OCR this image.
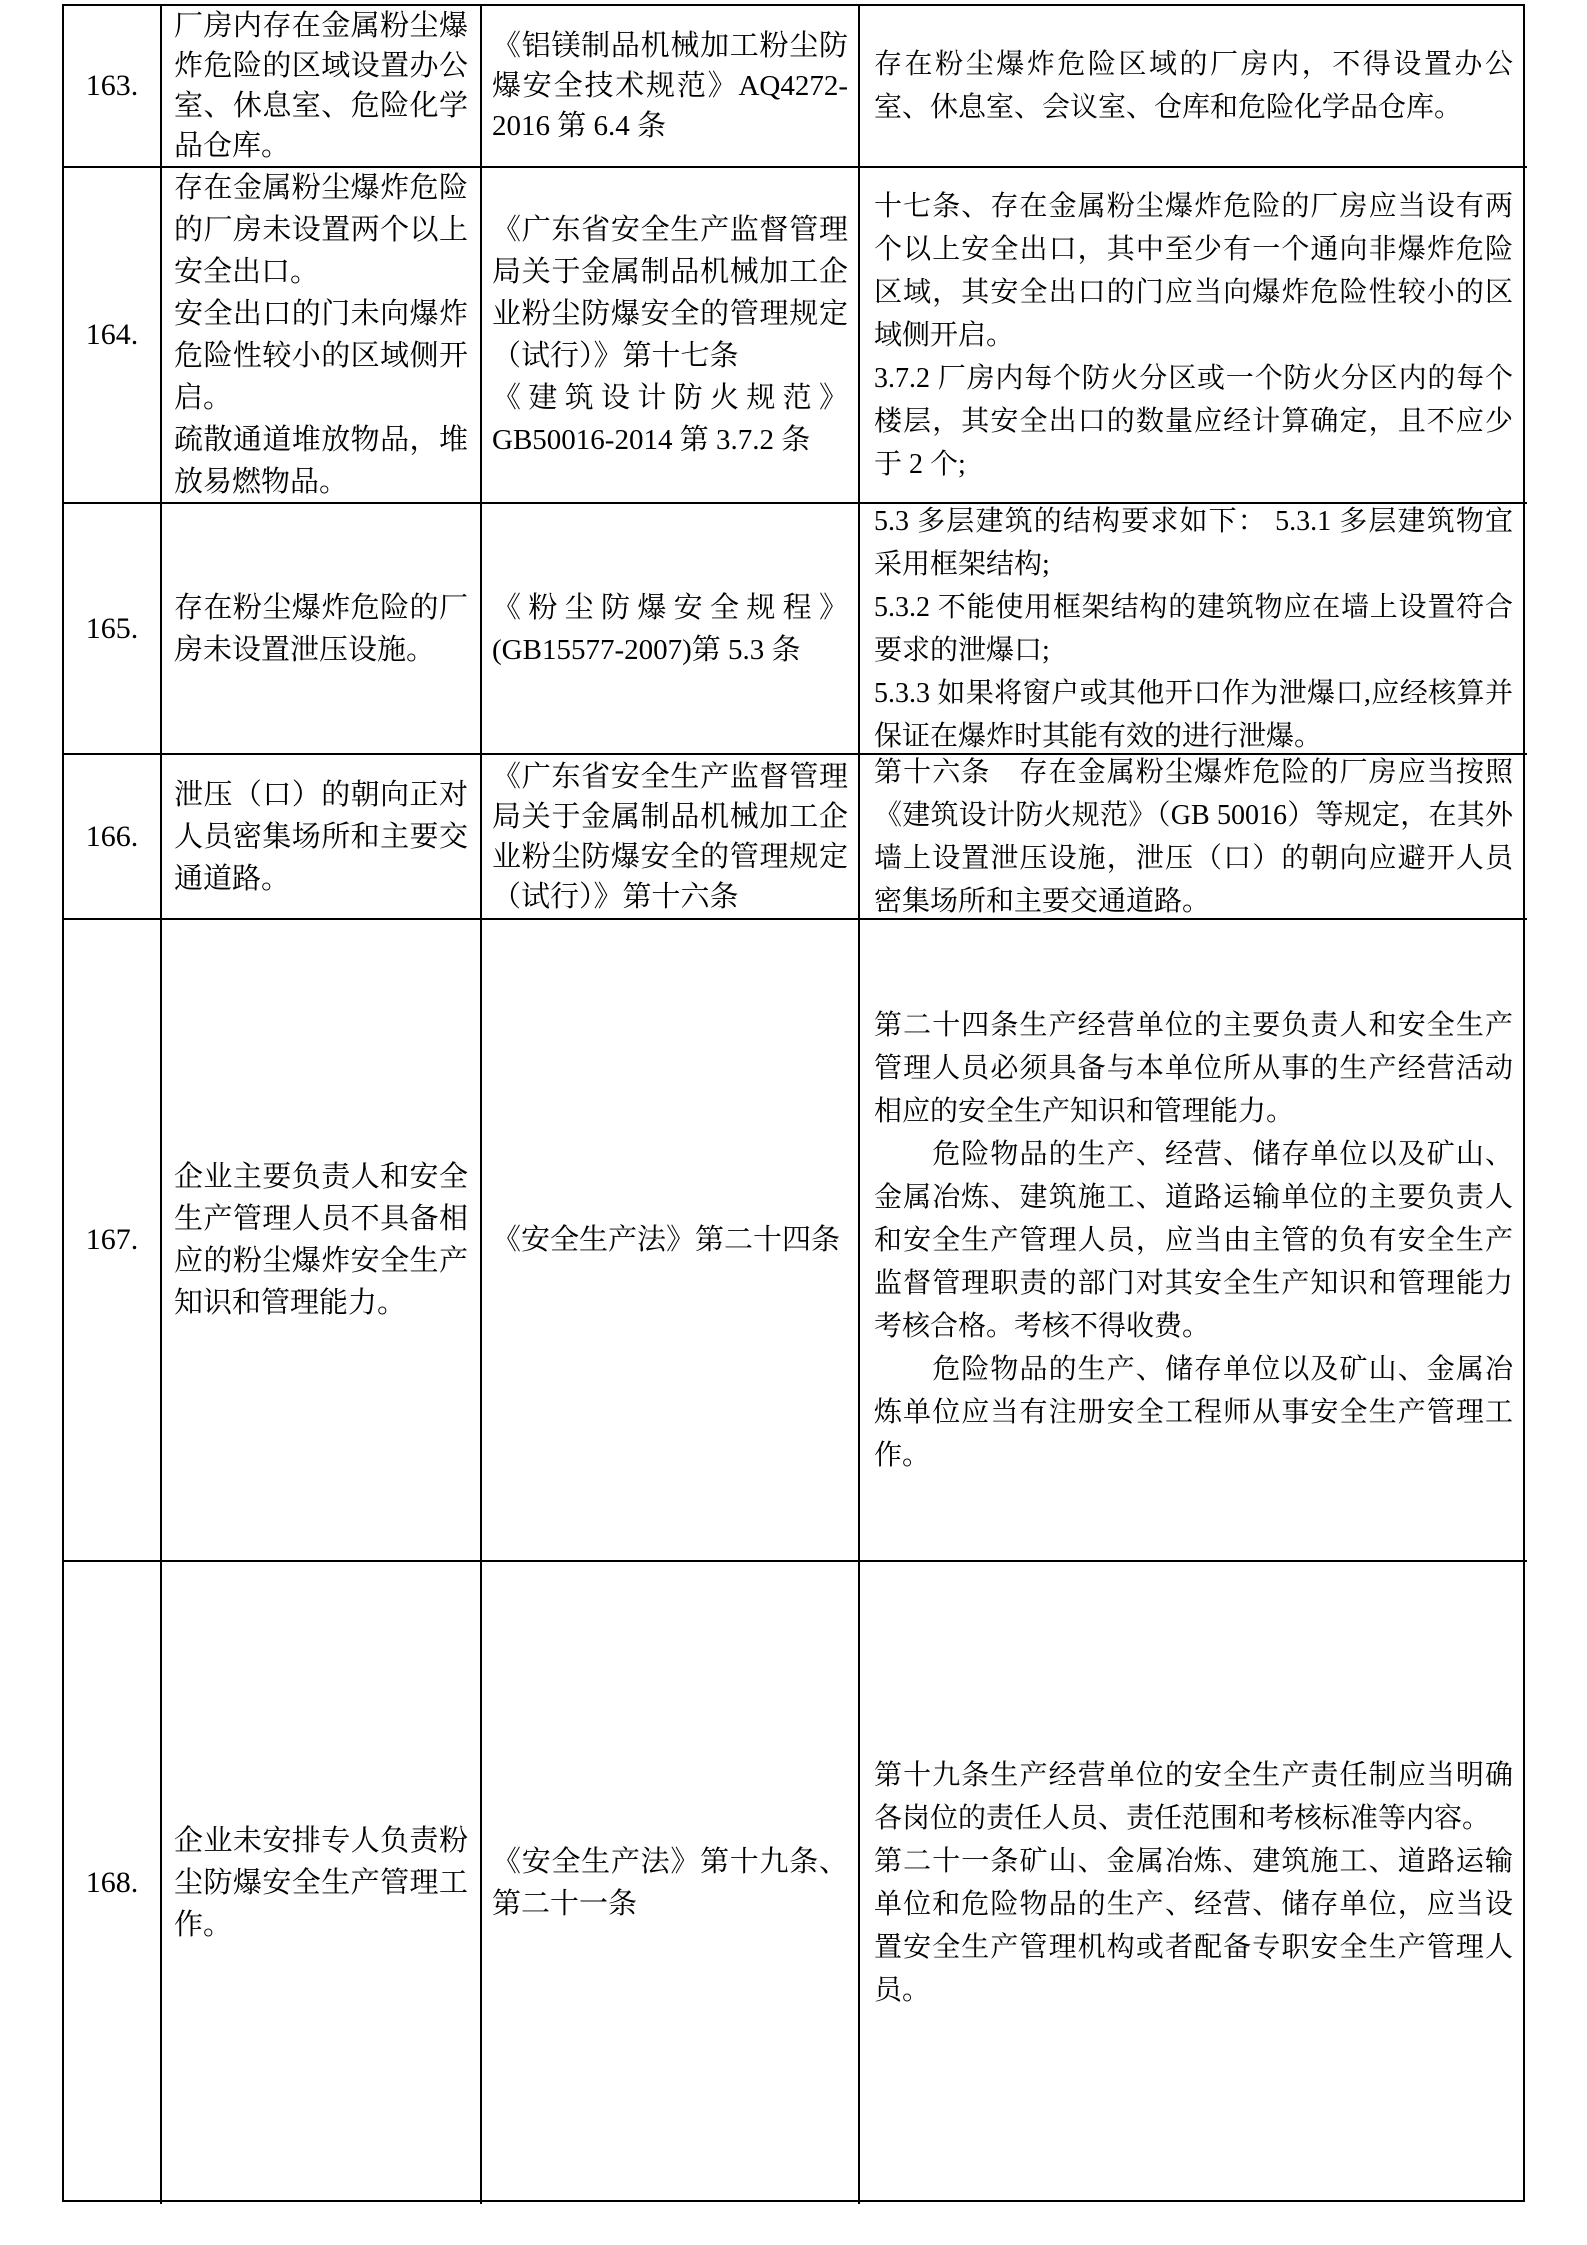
163.

厂房内存在金属粉尘爆炸危险的区域设置办公室、休息室、危险化学品仓库。

《铝镁制品机械加工粉尘防爆安全技术规范》AQ4272-2016 第 6.4 条

存在粉尘爆炸危险区域的厂房内，不得设置办公室、休息室、会议室、仓库和危险化学品仓库。

164.

存在金属粉尘爆炸危险的厂房未设置两个以上安全出口。

安全出口的门未向爆炸危险性较小的区域侧开启。

疏散通道堆放物品，堆放易燃物品。

《广东省安全生产监督管理局关于金属制品机械加工企业粉尘防爆安全的管理规定（试行）》第十七条

《建筑设计防火规范》GB50016-2014 第 3.7.2 条

十七条、存在金属粉尘爆炸危险的厂房应当设有两个以上安全出口，其中至少有一个通向非爆炸危险区域，其安全出口的门应当向爆炸危险性较小的区域侧开启。

3.7.2 厂房内每个防火分区或一个防火分区内的每个楼层，其安全出口的数量应经计算确定，且不应少于 2 个;

165.

存在粉尘爆炸危险的厂房未设置泄压设施。

《粉尘防爆安全规程》(GB15577-2007)第 5.3 条

5.3 多层建筑的结构要求如下： 5.3.1 多层建筑物宜采用框架结构;

5.3.2 不能使用框架结构的建筑物应在墙上设置符合要求的泄爆口;

5.3.3 如果将窗户或其他开口作为泄爆口,应经核算并保证在爆炸时其能有效的进行泄爆。

166.

泄压（口）的朝向正对人员密集场所和主要交通道路。

《广东省安全生产监督管理局关于金属制品机械加工企业粉尘防爆安全的管理规定（试行）》第十六条

第十六条　存在金属粉尘爆炸危险的厂房应当按照《建筑设计防火规范》（GB 50016）等规定，在其外墙上设置泄压设施，泄压（口）的朝向应避开人员密集场所和主要交通道路。

167.

企业主要负责人和安全生产管理人员不具备相应的粉尘爆炸安全生产知识和管理能力。

《安全生产法》第二十四条

第二十四条生产经营单位的主要负责人和安全生产管理人员必须具备与本单位所从事的生产经营活动相应的安全生产知识和管理能力。

　　危险物品的生产、经营、储存单位以及矿山、金属冶炼、建筑施工、道路运输单位的主要负责人和安全生产管理人员，应当由主管的负有安全生产监督管理职责的部门对其安全生产知识和管理能力考核合格。考核不得收费。

　　危险物品的生产、储存单位以及矿山、金属冶炼单位应当有注册安全工程师从事安全生产管理工作。

168.

企业未安排专人负责粉尘防爆安全生产管理工作。

《安全生产法》第十九条、第二十一条

第十九条生产经营单位的安全生产责任制应当明确各岗位的责任人员、责任范围和考核标准等内容。

第二十一条矿山、金属冶炼、建筑施工、道路运输单位和危险物品的生产、经营、储存单位，应当设置安全生产管理机构或者配备专职安全生产管理人员。
